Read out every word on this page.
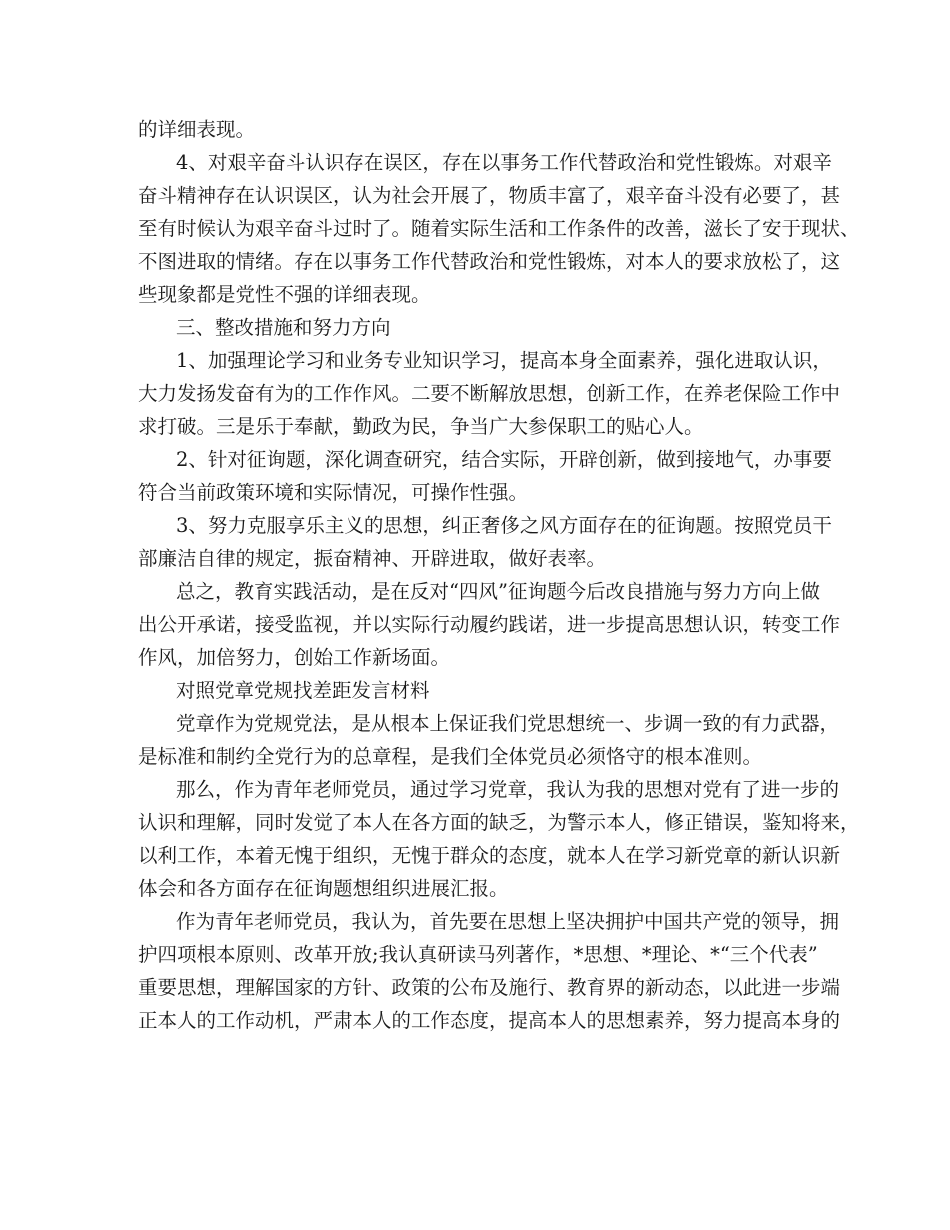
的详细表现。
4、对艰辛奋斗认识存在误区，存在以事务工作代替政治和党性锻炼。对艰辛
奋斗精神存在认识误区，认为社会开展了，物质丰富了，艰辛奋斗没有必要了，甚
至有时候认为艰辛奋斗过时了。随着实际生活和工作条件的改善，滋长了安于现状、
不图进取的情绪。存在以事务工作代替政治和党性锻炼，对本人的要求放松了，这
些现象都是党性不强的详细表现。
三、整改措施和努力方向
1、加强理论学习和业务专业知识学习，提高本身全面素养，强化进取认识，
大力发扬发奋有为的工作作风。二要不断解放思想，创新工作，在养老保险工作中
求打破。三是乐于奉献，勤政为民，争当广大参保职工的贴心人。
2、针对征询题，深化调查研究，结合实际，开辟创新，做到接地气，办事要
符合当前政策环境和实际情况，可操作性强。
3、努力克服享乐主义的思想，纠正奢侈之风方面存在的征询题。按照党员干
部廉洁自律的规定，振奋精神、开辟进取，做好表率。
总之，教育实践活动，是在反对“四风”征询题今后改良措施与努力方向上做
出公开承诺，接受监视，并以实际行动履约践诺，进一步提高思想认识，转变工作
作风，加倍努力，创始工作新场面。
对照党章党规找差距发言材料
党章作为党规党法，是从根本上保证我们党思想统一、步调一致的有力武器，
是标准和制约全党行为的总章程，是我们全体党员必须恪守的根本准则。
那么，作为青年老师党员，通过学习党章，我认为我的思想对党有了进一步的
认识和理解，同时发觉了本人在各方面的缺乏，为警示本人，修正错误，鉴知将来，
以利工作，本着无愧于组织，无愧于群众的态度，就本人在学习新党章的新认识新
体会和各方面存在征询题想组织进展汇报。
作为青年老师党员，我认为，首先要在思想上坚决拥护中国共产党的领导，拥
护四项根本原则、改革开放;我认真研读马列著作，*思想、*理论、*“三个代表”
重要思想，理解国家的方针、政策的公布及施行、教育界的新动态，以此进一步端
正本人的工作动机，严肃本人的工作态度，提高本人的思想素养，努力提高本身的
